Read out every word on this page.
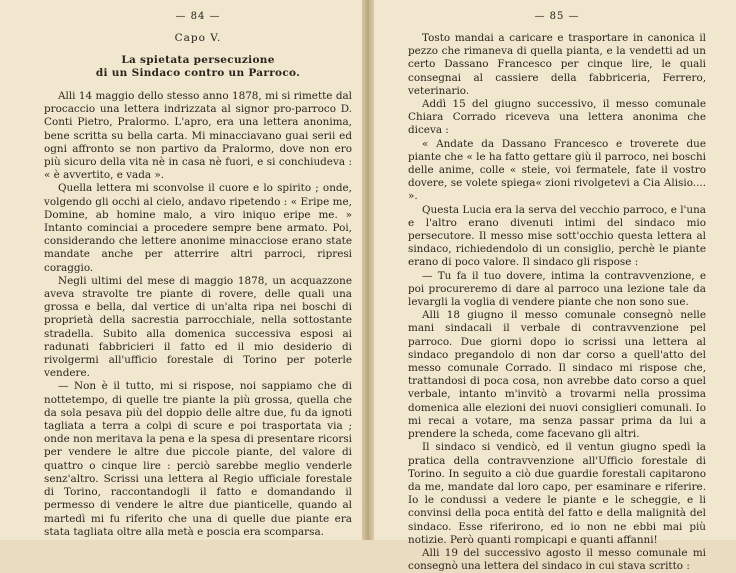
— 84 —
Capo V.
La spietata persecuzione
di un Sindaco contro un Parroco.

Alli 14 maggio dello stesso anno 1878, mi si rimette dal procaccio una lettera indrizzata al signor pro-parroco D. Conti Pietro, Pralormo. L'apro, era una lettera anonima, bene scritta su bella carta. Mi minacciavano guai serii ed ogni affronto se non partivo da Pralormo, dove non ero più sicuro della vita nè in casa nè fuori, e si conchiudeva : « è avvertito, e vada ».

Quella lettera mi sconvolse il cuore e lo spirito ; onde, volgendo gli occhi al cielo, andavo ripetendo : « Eripe me, Domine, ab homine malo, a viro iniquo eripe me. » Intanto cominciai a procedere sempre bene armato. Poi, considerando che lettere anonime minacciose erano state mandate anche per atterrire altri parroci, ripresi coraggio.

Negli ultimi del mese di maggio 1878, un acquazzone aveva stravolte tre piante di rovere, delle quali una grossa e bella, dal vertice di un'alta ripa nei boschi di proprietà della sacrestia parrocchiale, nella sottostante stradella. Subito alla domenica successiva esposi ai radunati fabbricieri il fatto ed il mio desiderio di rivolgermi all'ufficio forestale di Torino per poterle vendere.

— Non è il tutto, mi si rispose, noi sappiamo che di nottetempo, di quelle tre piante la più grossa, quella che da sola pesava più del doppio delle altre due, fu da ignoti tagliata a terra a colpi di scure e poi trasportata via ; onde non meritava la pena e la spesa di presentare ricorsi per vendere le altre due piccole piante, del valore di quattro o cinque lire : perciò sarebbe meglio venderle senz'altro. Scrissi una lettera al Regio ufficiale forestale di Torino, raccontandogli il fatto e domandando il permesso di vendere le altre due pianticelle, quando al martedì mi fu riferito che una di quelle due piante era stata tagliata oltre alla metà e poscia era scomparsa.

— 85 —

Tosto mandai a caricare e trasportare in canonica il pezzo che rimaneva di quella pianta, e la vendetti ad un certo Dassano Francesco per cinque lire, le quali consegnai al cassiere della fabbriceria, Ferrero, veterinario.

Addì 15 del giugno successivo, il messo comunale Chiara Corrado riceveva una lettera anonima che diceva :

« Andate da Dassano Francesco e troverete due piante che « le ha fatto gettare giù il parroco, nei boschi delle anime, colle « steie, voi fermatele, fate il vostro dovere, se volete spiega« zioni rivolgetevi a Cia Alisio.... ».

Questa Lucia era la serva del vecchio parroco, e l'una e l'altro erano divenuti intimi del sindaco mio persecutore. Il messo mise sott'occhio questa lettera al sindaco, richiedendolo di un consiglio, perchè le piante erano di poco valore. Il sindaco gli rispose :

— Tu fa il tuo dovere, intima la contravvenzione, e poi procureremo di dare al parroco una lezione tale da levargli la voglia di vendere piante che non sono sue.

Alli 18 giugno il messo comunale consegnò nelle mani sindacali il verbale di contravvenzione pel parroco. Due giorni dopo io scrissi una lettera al sindaco pregandolo di non dar corso a quell'atto del messo comunale Corrado. Il sindaco mi rispose che, trattandosi di poca cosa, non avrebbe dato corso a quel verbale, intanto m'invitò a trovarmi nella prossima domenica alle elezioni dei nuovi consiglieri comunali. Io mi recai a votare, ma senza passar prima da lui a prendere la scheda, come facevano gli altri.

Il sindaco si vendicò, ed il ventun giugno spedì la pratica della contravvenzione all'Ufficio forestale di Torino. In seguito a ciò due guardie forestali capitarono da me, mandate dal loro capo, per esaminare e riferire. Io le condussi a vedere le piante e le scheggie, e li convinsi della poca entità del fatto e della malignità del sindaco. Esse riferirono, ed io non ne ebbi mai più notizie. Però quanti rompicapi e quanti affanni!

Alli 19 del successivo agosto il messo comunale mi consegnò una lettera del sindaco in cui stava scritto :
